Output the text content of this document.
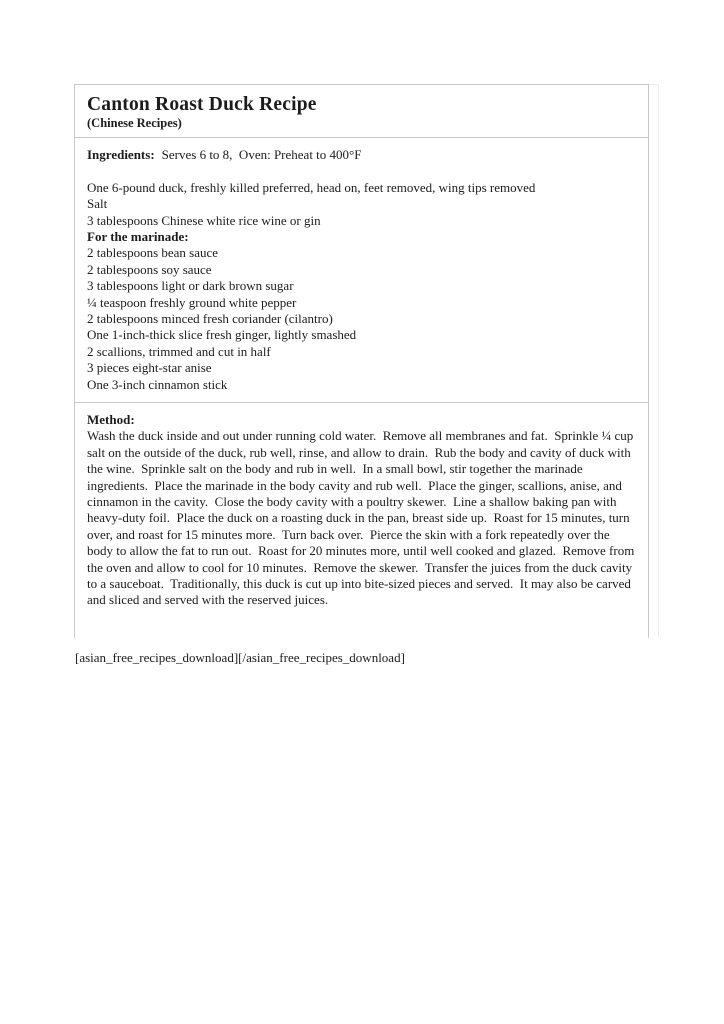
Canton Roast Duck Recipe
(Chinese Recipes)
Ingredients: Serves 6 to 8,  Oven: Preheat to 400°F
One 6-pound duck, freshly killed preferred, head on, feet removed, wing tips removed
Salt
3 tablespoons Chinese white rice wine or gin
For the marinade:
2 tablespoons bean sauce
2 tablespoons soy sauce
3 tablespoons light or dark brown sugar
¼ teaspoon freshly ground white pepper
2 tablespoons minced fresh coriander (cilantro)
One 1-inch-thick slice fresh ginger, lightly smashed
2 scallions, trimmed and cut in half
3 pieces eight-star anise
One 3-inch cinnamon stick
Method:
Wash the duck inside and out under running cold water.  Remove all membranes and fat.  Sprinkle ¼ cup salt on the outside of the duck, rub well, rinse, and allow to drain.  Rub the body and cavity of duck with the wine.  Sprinkle salt on the body and rub in well.  In a small bowl, stir together the marinade ingredients.  Place the marinade in the body cavity and rub well.  Place the ginger, scallions, anise, and cinnamon in the cavity.  Close the body cavity with a poultry skewer.  Line a shallow baking pan with heavy-duty foil.  Place the duck on a roasting duck in the pan, breast side up.  Roast for 15 minutes, turn over, and roast for 15 minutes more.  Turn back over.  Pierce the skin with a fork repeatedly over the body to allow the fat to run out.  Roast for 20 minutes more, until well cooked and glazed.  Remove from the oven and allow to cool for 10 minutes.  Remove the skewer.  Transfer the juices from the duck cavity to a sauceboat.  Traditionally, this duck is cut up into bite-sized pieces and served.  It may also be carved and sliced and served with the reserved juices.
[asian_free_recipes_download][/asian_free_recipes_download]
